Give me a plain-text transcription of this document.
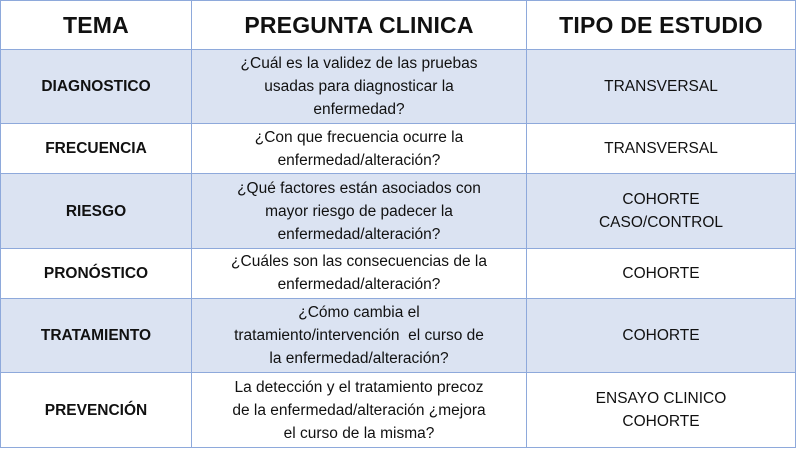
TEMA	PREGUNTA CLINICA	TIPO DE ESTUDIO
DIAGNOSTICO	¿Cuál es la validez de las pruebas
usadas para diagnosticar la
enfermedad?	TRANSVERSAL

FRECUENCIA	¿Con que frecuencia ocurre la
enfermedad/alteración?	TRANSVERSAL

RIESGO	¿Qué factores están asociados con
mayor riesgo de padecer la
enfermedad/alteración?	COHORTE
CASO/CONTROL

PRONÓSTICO	¿Cuáles son las consecuencias de la
enfermedad/alteración?	COHORTE

TRATAMIENTO	¿Cómo cambia el
tratamiento/intervención  el curso de
la enfermedad/alteración?	COHORTE

PREVENCIÓN	La detección y el tratamiento precoz
de la enfermedad/alteración ¿mejora
el curso de la misma?	ENSAYO CLINICO
COHORTE
